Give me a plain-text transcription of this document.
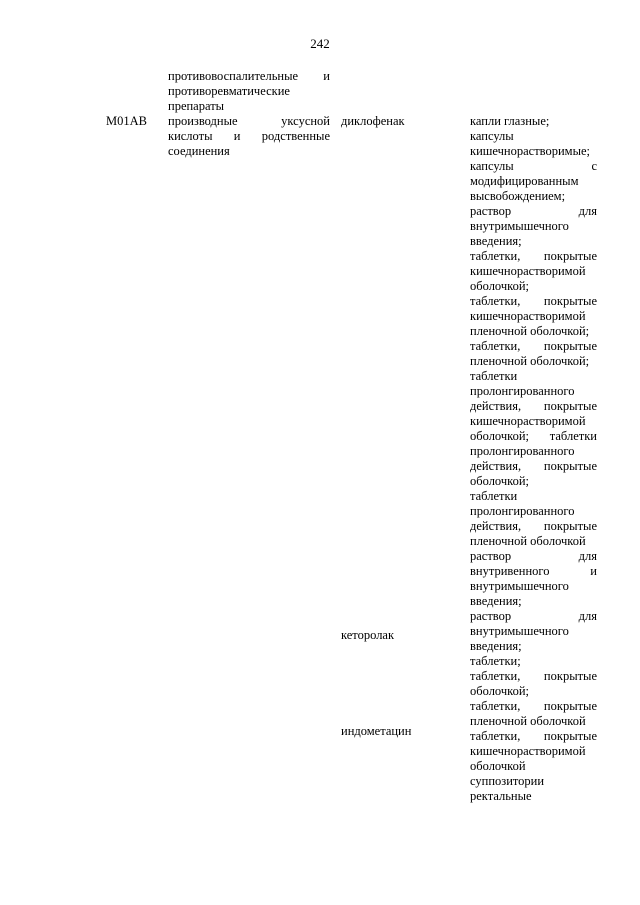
242
противовоспалительные и
противоревматические
препараты
M01AB производные уксусной
кислоты и родственные
соединения
диклофенак
кеторолак
индометацин
капли глазные;
капсулы
кишечнорастворимые;
капсулы с
модифицированным
высвобождением;
раствор для
внутримышечного
введения;
таблетки, покрытые
кишечнорастворимой
оболочкой;
таблетки, покрытые
кишечнорастворимой
пленочной оболочкой;
таблетки, покрытые
пленочной оболочкой;
таблетки
пролонгированного
действия, покрытые
кишечнорастворимой
оболочкой; таблетки
пролонгированного
действия, покрытые
оболочкой;
таблетки
пролонгированного
действия, покрытые
пленочной оболочкой
раствор для
внутривенного и
внутримышечного
введения;
раствор для
внутримышечного
введения;
таблетки;
таблетки, покрытые
оболочкой;
таблетки, покрытые
пленочной оболочкой
таблетки, покрытые
кишечнорастворимой
оболочкой
суппозитории
ректальные
